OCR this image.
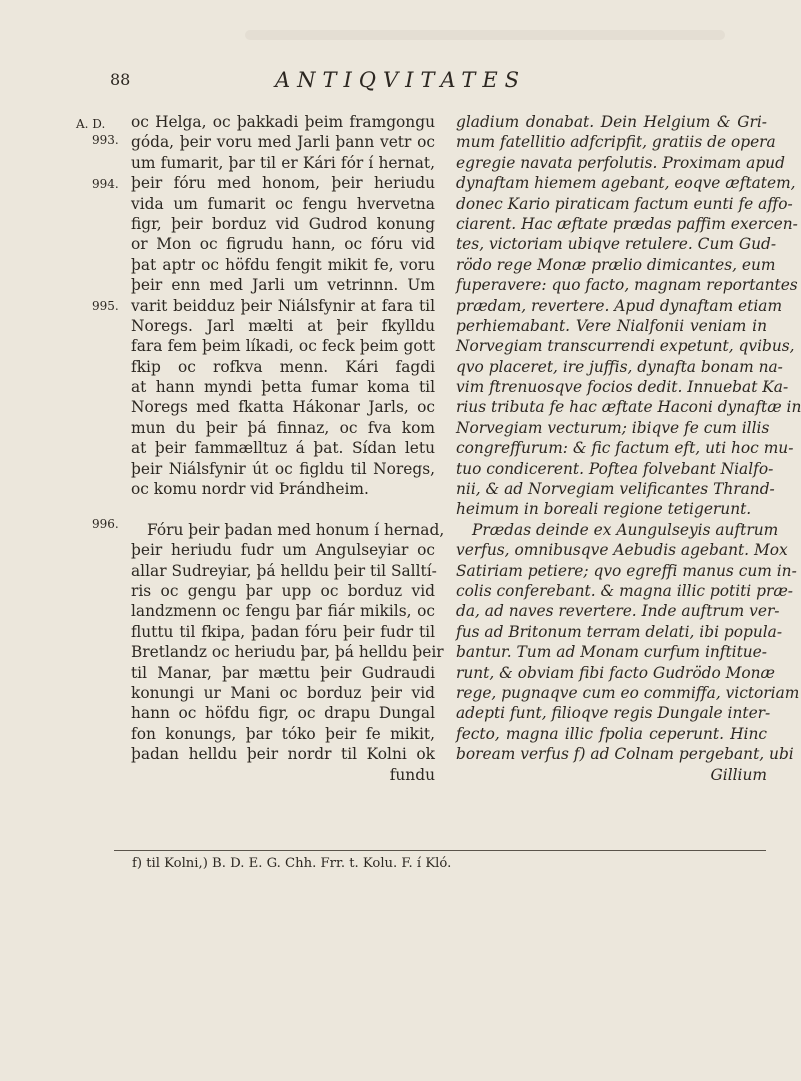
88	ANTIQVITATES
A. D.
993.
994.
995.
996.
oc Helga, oc þakkadi þeim framgongu
góda, þeir voru med Jarli þann vetr oc
um fumarit, þar til er Kári fór í hernat,
þeir fóru med honom, þeir heriudu
vida um fumarit oc fengu hvervetna
figr, þeir borduz vid Gudrod konung
or Mon oc figrudu hann, oc fóru vid
þat aptr oc höfdu fengit mikit fe, voru
þeir enn med Jarli um vetrinnn. Um
varit beidduz þeir Niálsfynir at fara til
Noregs. Jarl mælti at þeir fkylldu
fara fem þeim líkadi, oc feck þeim gott
fkip oc rofkva menn. Kári fagdi
at hann myndi þetta fumar koma til
Noregs med fkatta Hákonar Jarls, oc
mun du þeir þá finnaz, oc fva kom
at þeir fammælltuz á þat. Sídan letu
þeir Niálsfynir út oc figldu til Noregs,
oc komu nordr vid Þrándheim.
Fóru þeir þadan med honum í hernad,
þeir heriudu fudr um Angulseyiar oc
allar Sudreyiar, þá helldu þeir til Salltí-
ris oc gengu þar upp oc borduz vid
landzmenn oc fengu þar fiár mikils, oc
fluttu til fkipa, þadan fóru þeir fudr til
Bretlandz oc heriudu þar, þá helldu þeir
til Manar, þar mættu þeir Gudraudi
konungi ur Mani oc borduz þeir vid
hann oc höfdu figr, oc drapu Dungal
fon konungs, þar tóko þeir fe mikit,
þadan helldu þeir nordr til Kolni ok
fundu
gladium donabat. Dein Helgium & Gri-
mum fatellitio adfcripfit, gratiis de opera
egregie navata perfolutis. Proximam apud
dynaftam hiemem agebant, eoqve æftatem,
donec Kario piraticam factum eunti fe affo-
ciarent. Hac æftate prædas paffim exercen-
tes, victoriam ubiqve retulere. Cum Gud-
rödo rege Monæ prælio dimicantes, eum
fuperavere: quo facto, magnam reportantes
prædam, revertere. Apud dynaftam etiam
perhiemabant. Vere Nialfonii veniam in
Norvegiam transcurrendi expetunt, qvibus,
qvo placeret, ire juffis, dynafta bonam na-
vim ftrenuosqve focios dedit. Innuebat Ka-
rius tributa fe hac æftate Haconi dynaftæ in
Norvegiam vecturum; ibiqve fe cum illis
congreffurum: & fic factum eft, uti hoc mu-
tuo condicerent. Poftea folvebant Nialfo-
nii, & ad Norvegiam velificantes Thrand-
heimum in boreali regione tetigerunt.
Prædas deinde ex Aungulseyis auftrum
verfus, omnibusqve Aebudis agebant. Mox
Satiriam petiere; qvo egreffi manus cum in-
colis conferebant. & magna illic potiti præ-
da, ad naves revertere. Inde auftrum ver-
fus ad Britonum terram delati, ibi popula-
bantur. Tum ad Monam curfum inftitue-
runt, & obviam fibi facto Gudrödo Monæ
rege, pugnaqve cum eo commiffa, victoriam
adepti funt, filioqve regis Dungale inter-
fecto, magna illic fpolia ceperunt. Hinc
boream verfus f) ad Colnam pergebant, ubi
Gillium
f) til Kolni,) B. D. E. G. Chh. Frr. t. Kolu. F. í Kló.
